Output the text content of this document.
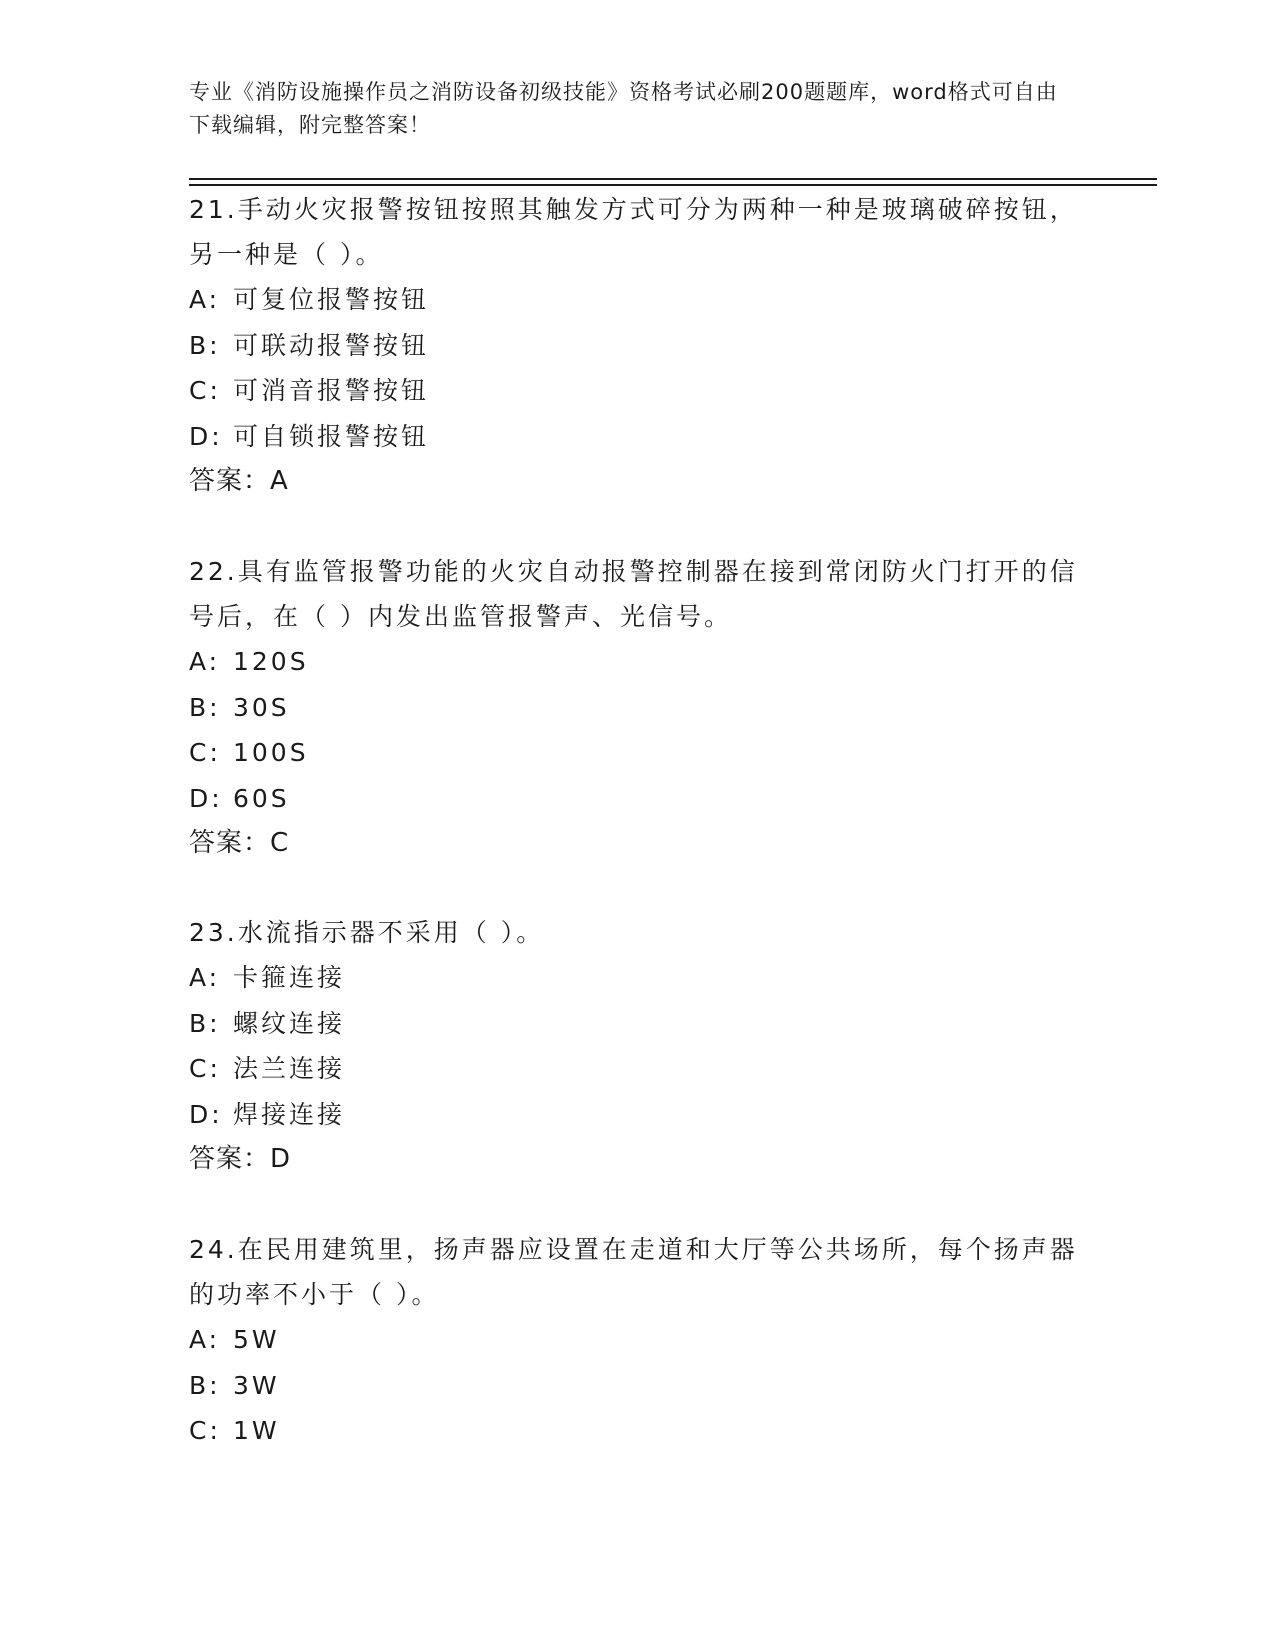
专业《消防设施操作员之消防设备初级技能》资格考试必刷200题题库，word格式可自由下载编辑，附完整答案！

21.手动火灾报警按钮按照其触发方式可分为两种一种是玻璃破碎按钮，另一种是（ ）。

A: 可复位报警按钮

B: 可联动报警按钮

C: 可消音报警按钮

D: 可自锁报警按钮

答案：A

22.具有监管报警功能的火灾自动报警控制器在接到常闭防火门打开的信号后，在（ ）内发出监管报警声、光信号。

A: 120S

B: 30S

C: 100S

D: 60S

答案：C

23.水流指示器不采用（ ）。

A: 卡箍连接

B: 螺纹连接

C: 法兰连接

D: 焊接连接

答案：D

24.在民用建筑里，扬声器应设置在走道和大厅等公共场所，每个扬声器的功率不小于（ ）。

A: 5W

B: 3W

C: 1W
